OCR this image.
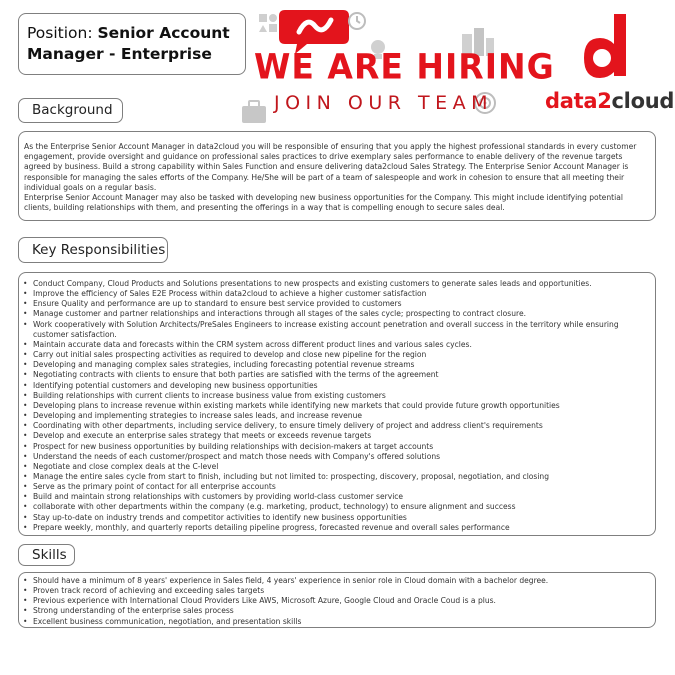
Position: Senior Account Manager - Enterprise	WE ARE HIRING
JOIN OUR TEAM data2cloud
Background
As the Enterprise Senior Account Manager in data2cloud you will be responsible of ensuring that you apply the highest professional standards in every customer engagement, provide oversight and guidance on professional sales practices to drive exemplary sales performance to enable delivery of the revenue targets agreed by business. Build a strong capability within Sales Function and ensure delivering data2cloud Sales Strategy. The Enterprise Senior Account Manager is responsible for managing the sales efforts of the Company. He/She will be part of a team of salespeople and work in cohesion to ensure that all meeting their individual goals on a regular basis.
Enterprise Senior Account Manager may also be tasked with developing new business opportunities for the Company. This might include identifying potential clients, building relationships with them, and presenting the offerings in a way that is compelling enough to secure sales deal.
Key Responsibilities
• Conduct Company, Cloud Products and Solutions presentations to new prospects and existing customers to generate sales leads and opportunities.
• Improve the efficiency of Sales E2E Process within data2cloud to achieve a higher customer satisfaction
• Ensure Quality and performance are up to standard to ensure best service provided to customers
• Manage customer and partner relationships and interactions through all stages of the sales cycle; prospecting to contract closure.
• Work cooperatively with Solution Architects/PreSales Engineers to increase existing account penetration and overall success in the territory while ensuring customer satisfaction.
• Maintain accurate data and forecasts within the CRM system across different product lines and various sales cycles.
• Carry out initial sales prospecting activities as required to develop and close new pipeline for the region
• Developing and managing complex sales strategies, including forecasting potential revenue streams
• Negotiating contracts with clients to ensure that both parties are satisfied with the terms of the agreement
• Identifying potential customers and developing new business opportunities
• Building relationships with current clients to increase business value from existing customers
• Developing plans to increase revenue within existing markets while identifying new markets that could provide future growth opportunities
• Developing and implementing strategies to increase sales leads, and increase revenue
• Coordinating with other departments, including service delivery, to ensure timely delivery of project and address client's requirements
• Develop and execute an enterprise sales strategy that meets or exceeds revenue targets
• Prospect for new business opportunities by building relationships with decision-makers at target accounts
• Understand the needs of each customer/prospect and match those needs with Company's offered solutions
• Negotiate and close complex deals at the C-level
• Manage the entire sales cycle from start to finish, including but not limited to: prospecting, discovery, proposal, negotiation, and closing
• Serve as the primary point of contact for all enterprise accounts
• Build and maintain strong relationships with customers by providing world-class customer service
• collaborate with other departments within the company (e.g. marketing, product, technology) to ensure alignment and success
• Stay up-to-date on industry trends and competitor activities to identify new business opportunities
• Prepare weekly, monthly, and quarterly reports detailing pipeline progress, forecasted revenue and overall sales performance
Skills
• Should have a minimum of 8 years' experience in Sales field, 4 years' experience in senior role in Cloud domain with a bachelor degree.
• Proven track record of achieving and exceeding sales targets
• Previous experience with International Cloud Providers Like AWS, Microsoft Azure, Google Cloud and Oracle Coud is a plus.
• Strong understanding of the enterprise sales process
• Excellent business communication, negotiation, and presentation skills
